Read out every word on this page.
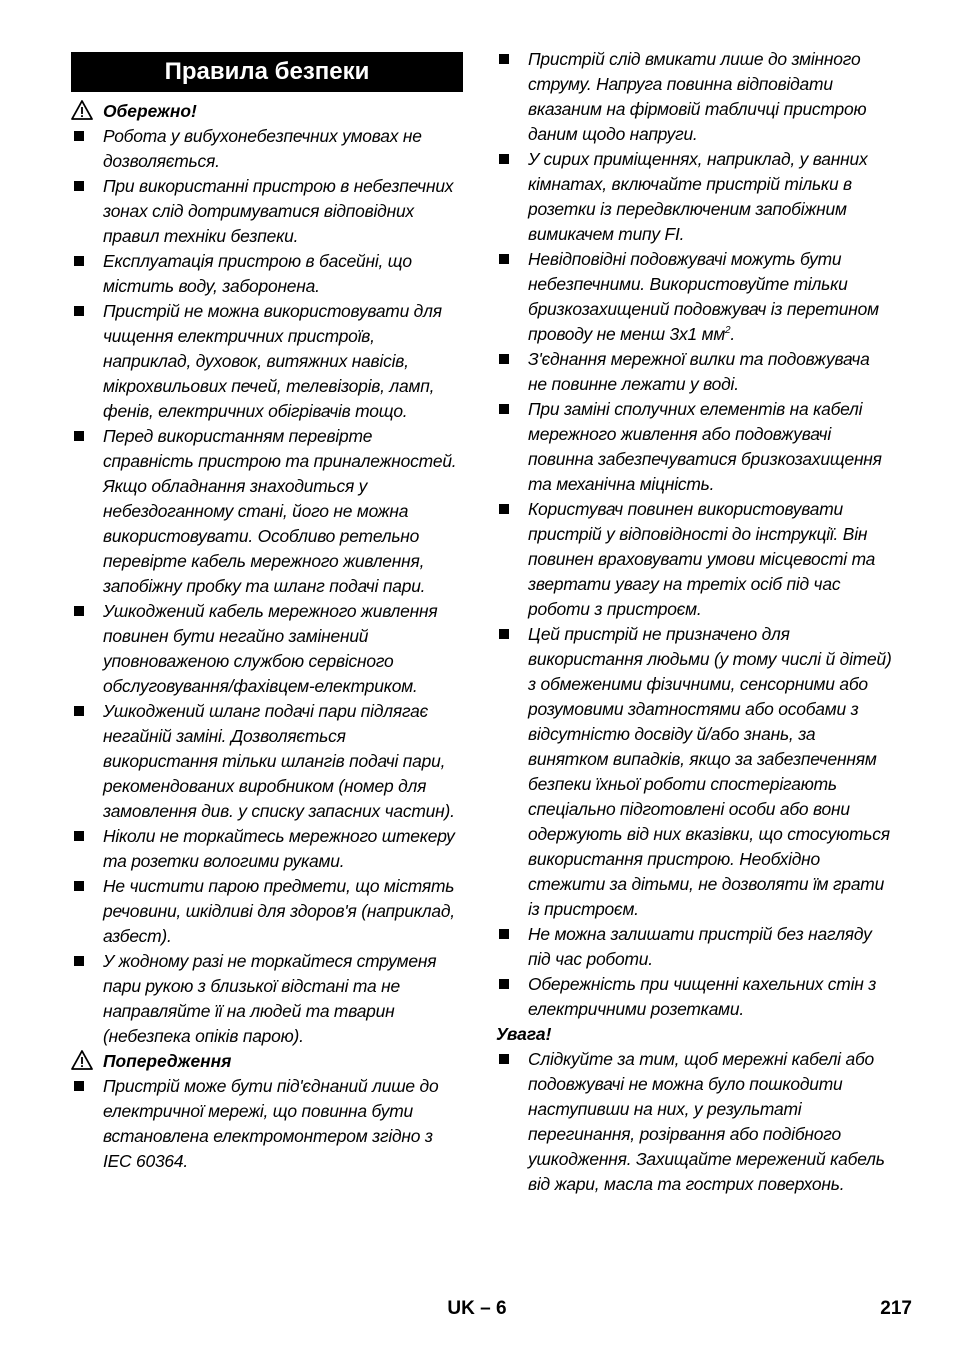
Правила безпеки
Обережно!
Робота у вибухонебезпечних умовах не дозволяється.
При використанні пристрою в небезпечних зонах слід дотримуватися відповідних правил техніки безпеки.
Експлуатація пристрою в басейні, що містить воду, заборонена.
Пристрій не можна використовувати для чищення електричних пристроїв, наприклад, духовок, витяжних навісів, мікрохвильових печей, телевізорів, ламп, фенів, електричних обігрівачів тощо.
Перед використанням перевірте справність пристрою та приналежностей. Якщо обладнання знаходиться у небездоганному стані, його не можна використовувати. Особливо ретельно перевірте кабель мережного живлення, запобіжну пробку та шланг подачі пари.
Ушкоджений кабель мережного живлення повинен бути негайно замінений уповноваженою службою сервісного обслуговування/фахівцем-електриком.
Ушкоджений шланг подачі пари підлягає негайній заміні. Дозволяється використання тільки шлангів подачі пари, рекомендованих виробником (номер для замовлення див. у списку запасних частин).
Ніколи не торкайтесь мережного штекеру та розетки вологими руками.
Не чистити парою предмети, що містять речовини, шкідливі для здоров'я (наприклад, азбест).
У жодному разі не торкайтеся струменя пари рукою з близької відстані та не направляйте її на людей та тварин (небезпека опіків парою).
Попередження
Пристрій може бути під'єднаний лише до електричної мережі, що повинна бути встановлена електромонтером згідно з IEC 60364.
Пристрій слід вмикати лише до змінного струму. Напруга повинна відповідати вказаним на фірмовій табличці пристрою даним щодо напруги.
У сирих приміщеннях, наприклад, у ванних кімнатах, включайте пристрій тільки в розетки із передвключеним запобіжним вимикачем типу FI.
Невідповідні подовжувачі можуть бути небезпечними. Використовуйте тільки бризкозахищений подовжувач із перетином проводу не менш 3x1 $мм^2$.
З'єднання мережної вилки та подовжувача не повинне лежати у воді.
При заміні сполучних елементів на кабелі мережного живлення або подовжувачі повинна забезпечуватися бризкозахищення та механічна міцність.
Користувач повинен використовувати пристрій у відповідності до інструкції. Він повинен враховувати умови місцевості та звертати увагу на третіх осіб під час роботи з пристроєм.
Цей пристрій не призначено для використання людьми (у тому числі й дітей) з обмеженими фізичними, сенсорними або розумовими здатностями або особами з відсутністю досвіду й/або знань, за винятком випадків, якщо за забезпеченням безпеки їхньої роботи спостерігають спеціально підготовлені особи або вони одержують від них вказівки, що стосуються використання пристрою. Необхідно стежити за дітьми, не дозволяти їм грати із пристроєм.
Не можна залишати пристрій без нагляду під час роботи.
Обережність при чищенні кахельних стін з електричними розетками.
Увага!
Слідкуйте за тим, щоб мережні кабелі або подовжувачі не можна було пошкодити наступивши на них, у результаті перегинання, розірвання або подібного ушкодження. Захищайте мережений кабель від жари, масла та гострих поверхонь.
UK – 6	217
